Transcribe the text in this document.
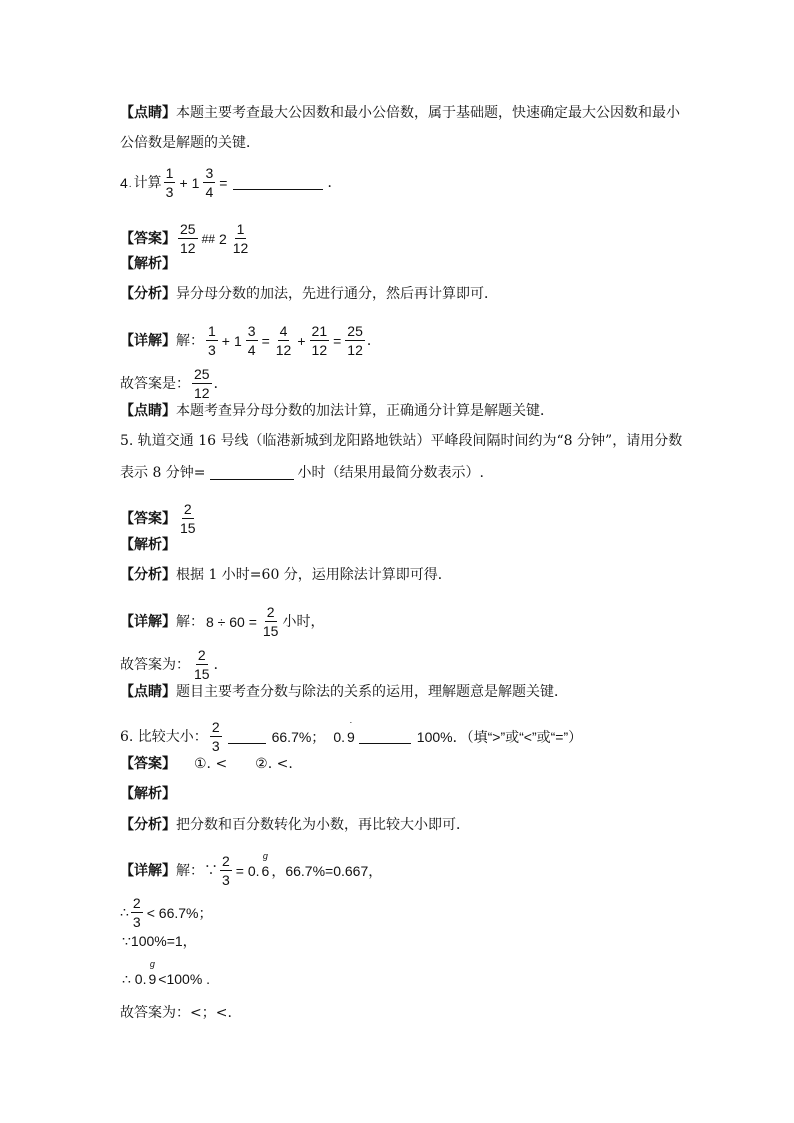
【点睛】 本题主要考查最大公因数和最小公倍数，属于基础题，快速确定最大公因数和最小
公倍数是解题的关键．
4 . 计算 $\frac{1}{3} + 1 \frac{3}{4}$ =	．
【答案】 $\frac{25}{12}$ ## $2 \frac{1}{12}$
【解析】
【分析】 异分母分数的加法，先进行通分，然后再计算即可．
【详解】 解： $\frac{1}{3} + 1 \frac{3}{4} = \frac{4}{12} + \frac{21}{12} = \frac{25}{12}$ ．
故答案是： $\frac{25}{12}$ ．
【点睛】 本题考查异分母分数的加法计算，正确通分计算是解题关键．
5. 轨道交通 16 号线（临港新城到龙阳路地铁站）平峰段间隔时间约为“8 分钟”，请用分数
表示 8 分钟=	小时（结果用最简分数表示）.
【答案】 $\frac{2}{15}$
【解析】
【分析】 根据 1 小时=60 分，运用除法计算即可得．
【详解】 解： $8 \div 60 = \frac{2}{15}$ 小时，
故答案为： $\frac{2}{15}$ ．
【点睛】 题目主要考查分数与除法的关系的运用，理解题意是解题关键．
6. 比较大小： $\frac{2}{3}$	66.7%； 0. 9
·
100%．（填“>”或“<”或“=”）
【答案】 ①. <　　②. <.
【解析】
【分析】 把分数和百分数转化为小数，再比较大小即可．
【详解】 解：∵ $\frac{2}{3} = 0$. 6
g
，66.7%=0.667，
∴ $\frac{2}{3} < 66.7\%$；
∵100%=1，
∴ 0. 9
g
<100% .
故答案为：<；<.
